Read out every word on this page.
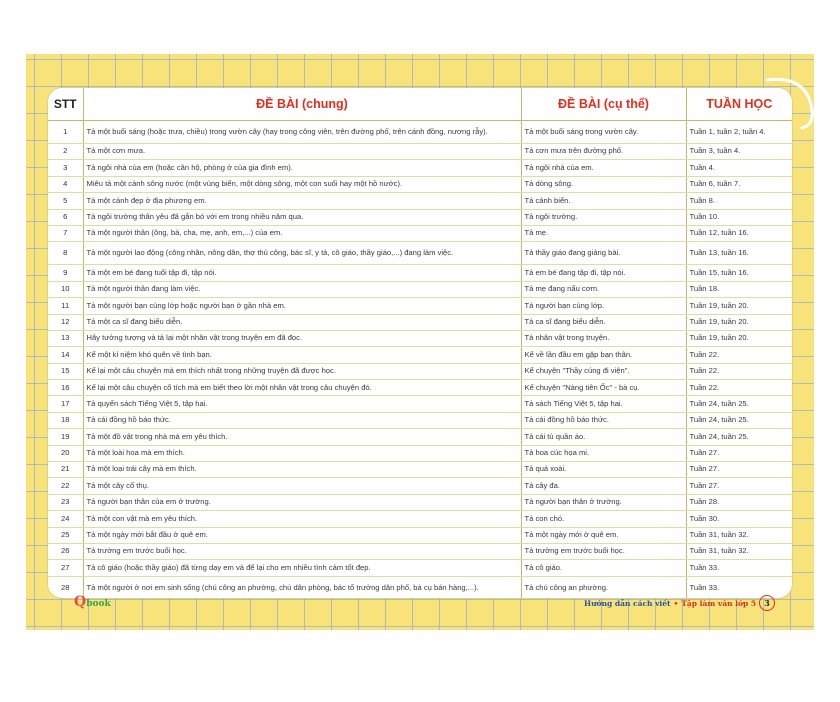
STT	ĐỀ BÀI (chung)	ĐỀ BÀI (cụ thể)	TUẦN HỌC
1	Tả một buổi sáng (hoặc trưa, chiều) trong vườn cây (hay trong công viên, trên đường phố, trên cánh đồng, nương rẫy).	Tả một buổi sáng trong vườn cây.	Tuần 1, tuần 2, tuần 4.
2	Tả một cơn mưa.	Tả cơn mưa trên đường phố.	Tuần 3, tuần 4.
3	Tả ngôi nhà của em (hoặc căn hộ, phòng ở của gia đình em).	Tả ngôi nhà của em.	Tuần 4.
4	Miêu tả một cảnh sông nước (một vùng biển, một dòng sông, một con suối hay một hồ nước).	Tả dòng sông.	Tuần 6, tuần 7.
5	Tả một cảnh đẹp ở địa phương em.	Tả cảnh biển.	Tuần 8.
6	Tả ngôi trường thân yêu đã gắn bó với em trong nhiều năm qua.	Tả ngôi trường.	Tuần 10.
7	Tả một người thân (ông, bà, cha, mẹ, anh, em,...) của em.	Tả mẹ.	Tuần 12, tuần 16.
8	Tả một người lao động (công nhân, nông dân, thợ thủ công, bác sĩ, y tá, cô giáo, thầy giáo,...) đang làm việc.	Tả thầy giáo đang giảng bài.	Tuần 13, tuần 16.
9	Tả một em bé đang tuổi tập đi, tập nói.	Tả em bé đang tập đi, tập nói.	Tuần 15, tuần 16.
10	Tả một người thân đang làm việc.	Tả mẹ đang nấu cơm.	Tuần 18.
11	Tả một người bạn cùng lớp hoặc người bạn ở gần nhà em.	Tả người bạn cùng lớp.	Tuần 19, tuần 20.
12	Tả một ca sĩ đang biểu diễn.	Tả ca sĩ đang biểu diễn.	Tuần 19, tuần 20.
13	Hãy tưởng tượng và tả lại một nhân vật trong truyện em đã đọc.	Tả nhân vật trong truyện.	Tuần 19, tuần 20.
14	Kể một kỉ niệm khó quên về tình bạn.	Kể về lần đầu em gặp bạn thân.	Tuần 22.
15	Kể lại một câu chuyện mà em thích nhất trong những truyện đã được học.	Kể chuyện "Thầy cúng đi viện".	Tuần 22.
16	Kể lại một câu chuyện cổ tích mà em biết theo lời một nhân vật trong câu chuyện đó.	Kể chuyện "Nàng tiên Ốc" - bà cụ.	Tuần 22.
17	Tả quyển sách Tiếng Việt 5, tập hai.	Tả sách Tiếng Việt 5, tập hai.	Tuần 24, tuần 25.
18	Tả cái đồng hồ báo thức.	Tả cái đồng hồ báo thức.	Tuần 24, tuần 25.
19	Tả một đồ vật trong nhà mà em yêu thích.	Tả cái tủ quần áo.	Tuần 24, tuần 25.
20	Tả một loài hoa mà em thích.	Tả hoa cúc họa mi.	Tuần 27.
21	Tả một loại trái cây mà em thích.	Tả quả xoài.	Tuần 27.
22	Tả một cây cổ thụ.	Tả cây đa.	Tuần 27.
23	Tả người bạn thân của em ở trường.	Tả người bạn thân ở trường.	Tuần 28.
24	Tả một con vật mà em yêu thích.	Tả con chó.	Tuần 30.
25	Tả một ngày mới bắt đầu ở quê em.	Tả một ngày mới ở quê em.	Tuần 31, tuần 32.
26	Tả trường em trước buổi học.	Tả trường em trước buổi học.	Tuần 31, tuần 32.
27	Tả cô giáo (hoặc thầy giáo) đã từng dạy em và để lại cho em nhiều tình cảm tốt đẹp.	Tả cô giáo.	Tuần 33.
28	Tả một người ở nơi em sinh sống (chú công an phường, chú dân phòng, bác tổ trưởng dân phố, bà cụ bán hàng,...).	Tả chú công an phường.	Tuần 33.

Qbook	Hướng dẫn cách viết • Tập làm văn lớp 5	3
